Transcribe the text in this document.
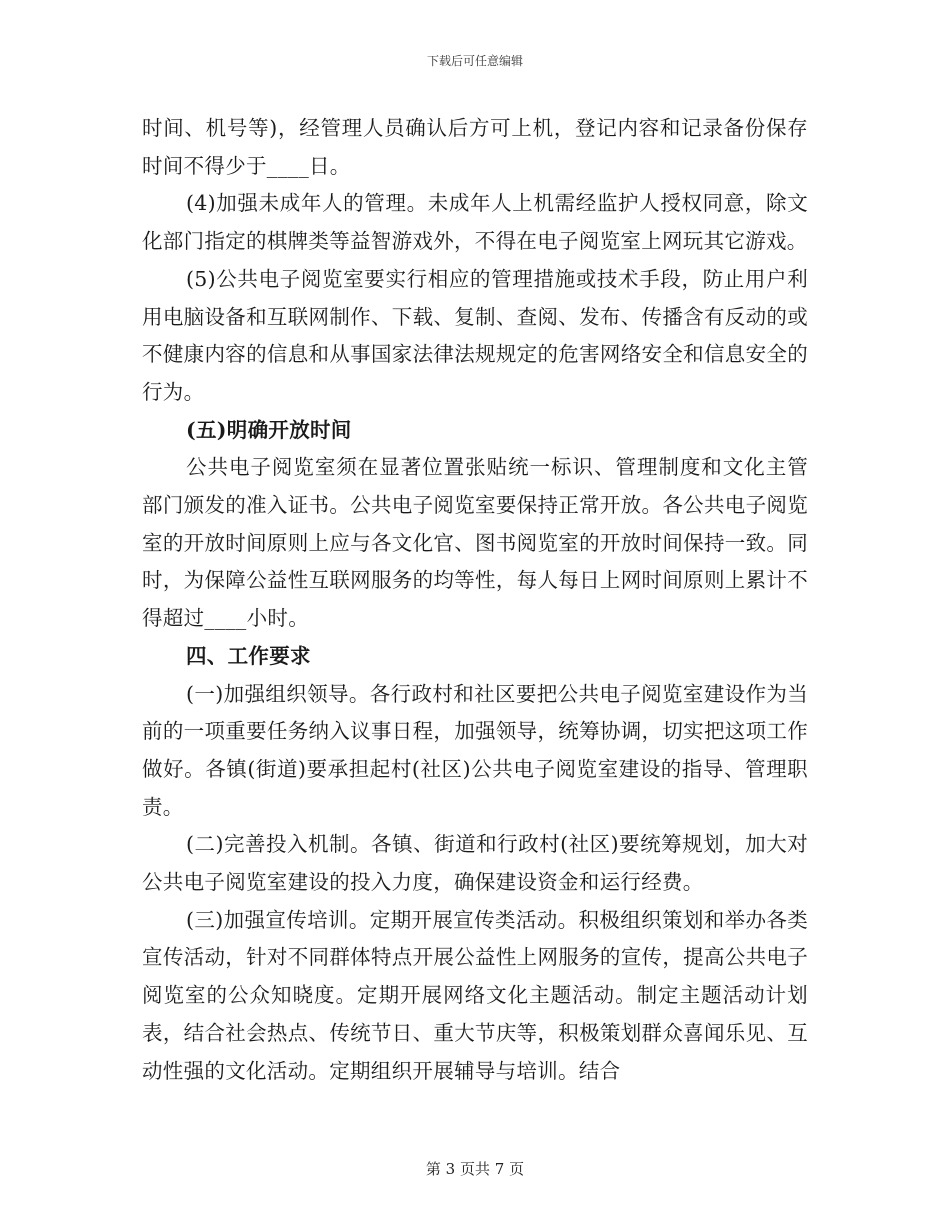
下载后可任意编辑

时间、机号等)，经管理人员确认后方可上机，登记内容和记录备份保存时间不得少于____日。

(4)加强未成年人的管理。未成年人上机需经监护人授权同意，除文化部门指定的棋牌类等益智游戏外，不得在电子阅览室上网玩其它游戏。

(5)公共电子阅览室要实行相应的管理措施或技术手段，防止用户利用电脑设备和互联网制作、下载、复制、查阅、发布、传播含有反动的或不健康内容的信息和从事国家法律法规规定的危害网络安全和信息安全的行为。

(五)明确开放时间

公共电子阅览室须在显著位置张贴统一标识、管理制度和文化主管部门颁发的准入证书。公共电子阅览室要保持正常开放。各公共电子阅览室的开放时间原则上应与各文化官、图书阅览室的开放时间保持一致。同时，为保障公益性互联网服务的均等性，每人每日上网时间原则上累计不得超过____小时。

四、工作要求

(一)加强组织领导。各行政村和社区要把公共电子阅览室建设作为当前的一项重要任务纳入议事日程，加强领导，统筹协调，切实把这项工作做好。各镇(街道)要承担起村(社区)公共电子阅览室建设的指导、管理职责。

(二)完善投入机制。各镇、街道和行政村(社区)要统筹规划，加大对公共电子阅览室建设的投入力度，确保建设资金和运行经费。

(三)加强宣传培训。定期开展宣传类活动。积极组织策划和举办各类宣传活动，针对不同群体特点开展公益性上网服务的宣传，提高公共电子阅览室的公众知晓度。定期开展网络文化主题活动。制定主题活动计划表，结合社会热点、传统节日、重大节庆等，积极策划群众喜闻乐见、互动性强的文化活动。定期组织开展辅导与培训。结合

第 3 页共 7 页
